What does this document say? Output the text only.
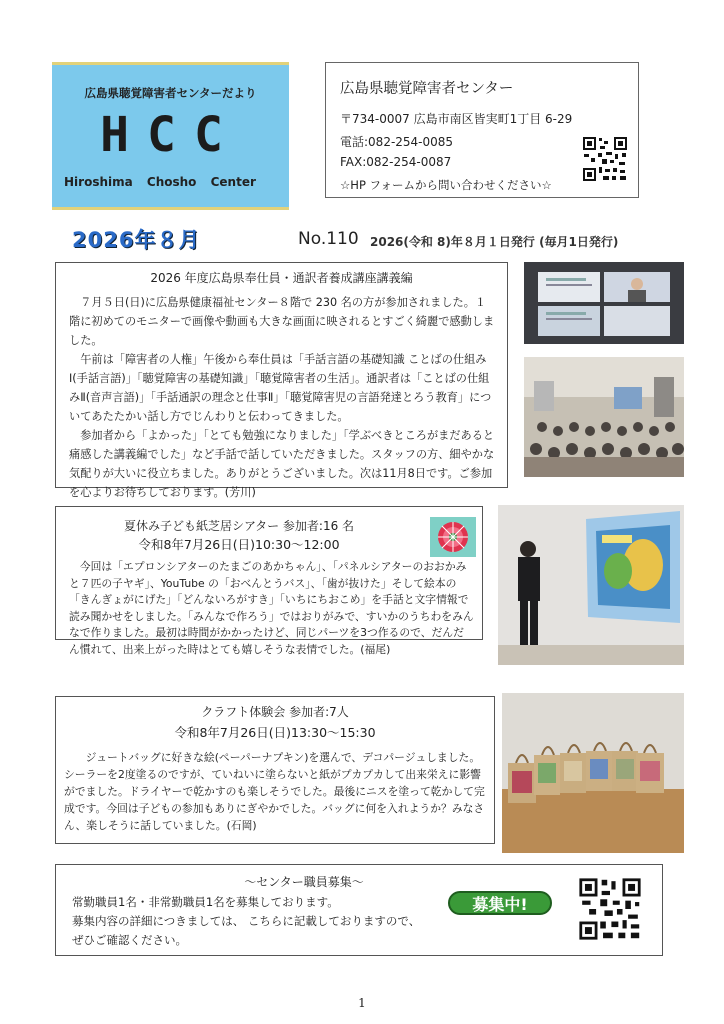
広島県聴覚障害者センターだより
HCC
Hiroshima Chosho Center
広島県聴覚障害者センター
〒734-0007 広島市南区皆実町1丁目 6-29
電話:082-254-0085
FAX:082-254-0087
☆HP フォームから問い合わせください☆
2026年８月	No.110 2026(令和 8)年８月１日発行 (毎月1日発行)
2026 年度広島県奉仕員・通訳者養成講座講義編

７月５日(日)に広島県健康福祉センター８階で 230 名の方が参加されました。１階に初めてのモニターで画像や動画も大きな画面に映されるとすごく綺麗で感動しました。

午前は「障害者の人権」午後から奉仕員は「手話言語の基礎知識 ことばの仕組みⅠ(手話言語)」「聴覚障害の基礎知識」「聴覚障害者の生活」。通訳者は「ことばの仕組みⅡ(音声言語)」「手話通訳の理念と仕事Ⅱ」「聴覚障害児の言語発達とろう教育」についてあたたかい話し方でじんわりと伝わってきました。

参加者から「よかった」「とても勉強になりました」「学ぶべきところがまだあると痛感した講義編でした」など手話で話していただきました。スタッフの方、細やかな気配りが大いに役立ちました。ありがとうございました。次は11月8日です。ご参加を心よりお待ちしております。(芳川)

夏休み子ども紙芝居シアター 参加者:16 名
令和8年7月26日(日)10:30～12:00
今回は「エプロンシアターのたまごのあかちゃん」、「パネルシアターのおおかみと７匹の子ヤギ」、YouTube の「おべんとうバス」、「歯が抜けた」そして絵本の「きんぎょがにげた」「どんないろがすき」「いちにちおこめ」を手話と文字情報で読み聞かせをしました。「みんなで作ろう」ではおりがみで、すいかのうちわをみんなで作りました。最初は時間がかかったけど、同じパーツを3つ作るので、だんだん慣れて、出来上がった時はとても嬉しそうな表情でした。(福尾)
クラフト体験会 参加者:7人
令和8年7月26日(日)13:30～15:30
ジュートバッグに好きな絵(ペーパーナプキン)を選んで、デコパージュしました。シーラーを2度塗るのですが、ていねいに塗らないと紙がプカプカして出来栄えに影響がでました。ドライヤーで乾かすのも楽しそうでした。最後にニスを塗って乾かして完成です。今回は子どもの参加もありにぎやかでした。バッグに何を入れようか？みなさん、楽しそうに話していました。(石岡)
～センター職員募集～

常勤職員1名・非常勤職員1名を募集しております。

募集内容の詳細につきましては、 こちらに記載しておりますので、

ぜひご確認ください。

募集中!
1
